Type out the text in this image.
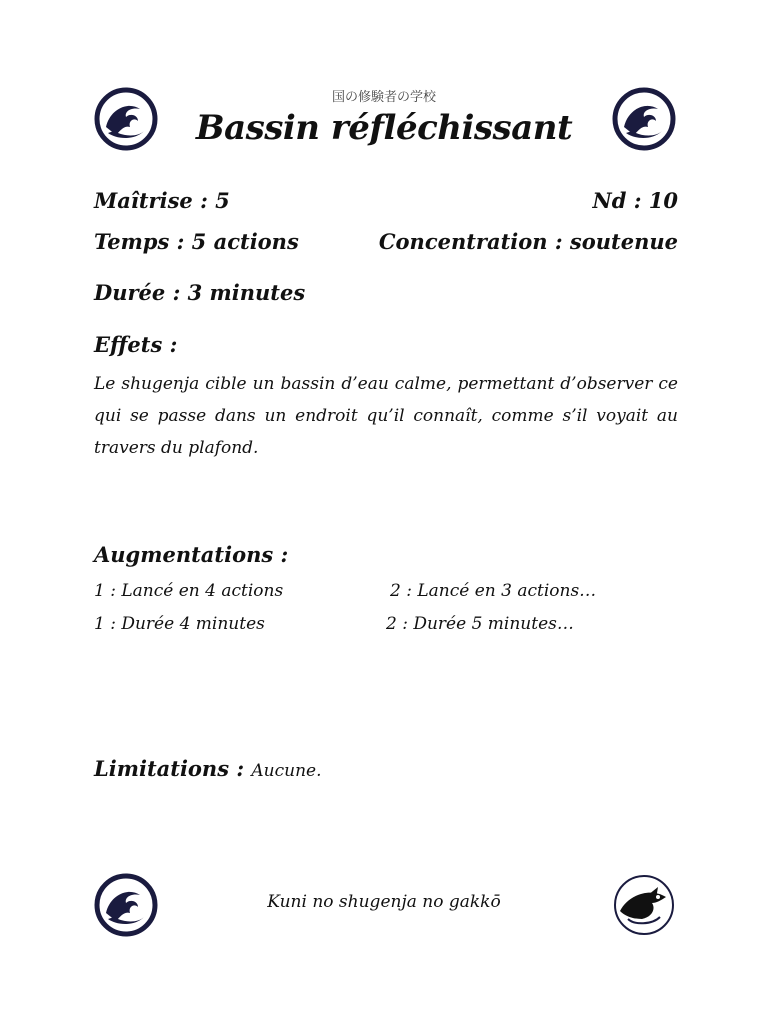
国の修験者の学校
Bassin réfléchissant
Maîtrise : 5	Nd : 10
Temps : 5 actions	Concentration : soutenue
Durée : 3 minutes
Effets :
Le shugenja cible un bassin d’eau calme, permettant d’observer ce qui se passe dans un endroit qu’il connaît, comme s’il voyait au travers du plafond.
Augmentations :
1 : Lancé en 4 actions	2 : Lancé en 3 actions…
1 : Durée 4 minutes	2 : Durée 5 minutes…
Limitations : Aucune.
Kuni no shugenja no gakkō
